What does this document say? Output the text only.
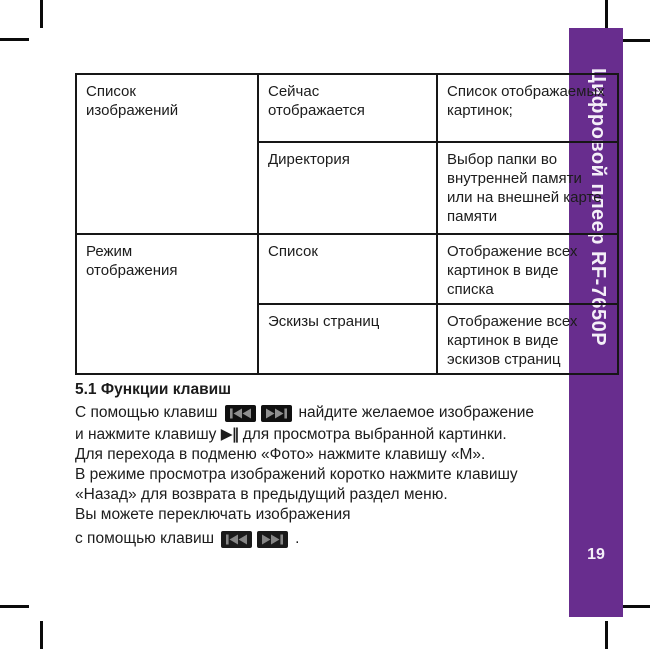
Цифровой плеер RF-7650P
19
Список изображений	Сейчас отображается	Список отображаемых картинок;
	Директория	Выбор папки во внутренней памяти или на внешней карте памяти
Режим отображения	Список	Отображение всех картинок в виде списка
	Эскизы страниц	Отображение всех картинок в виде эскизов страниц
5.1 Функции клавиш
С помощью клавиш	найдите желаемое изображение
и нажмите клавишу ▶‖ для просмотра выбранной картинки.
Для перехода в подменю «Фото» нажмите клавишу «М».
В режиме просмотра изображений коротко нажмите клавишу
«Назад» для возврата в предыдущий раздел меню.
Вы можете переключать изображения
с помощью клавиш	.
